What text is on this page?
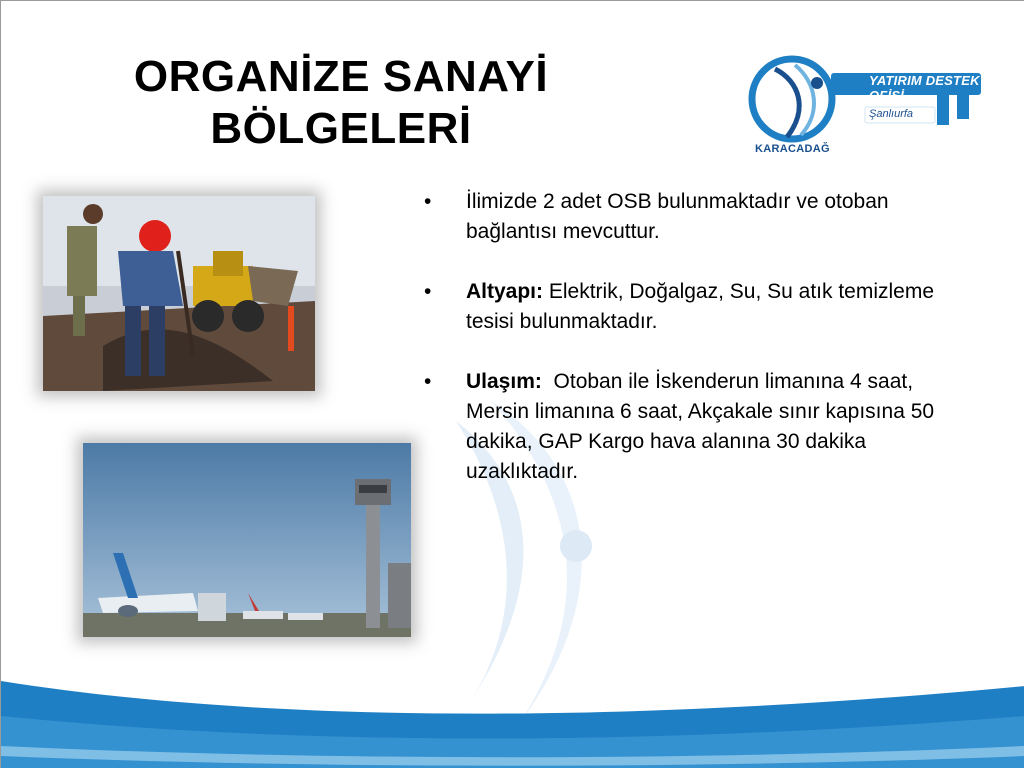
ORGANİZE SANAYİ
BÖLGELERİ
YATIRIM DESTEK OFİSİ
Şanlıurfa
KARACADAĞ
• İlimizde 2 adet OSB bulunmaktadır ve otoban bağlantısı mevcuttur.
• Altyapı: Elektrik, Doğalgaz, Su, Su atık temizleme tesisi bulunmaktadır.
• Ulaşım:  Otoban ile İskenderun limanına 4 saat, Mersin limanına 6 saat, Akçakale sınır kapısına 50 dakika, GAP Kargo hava alanına 30 dakika uzaklıktadır.
